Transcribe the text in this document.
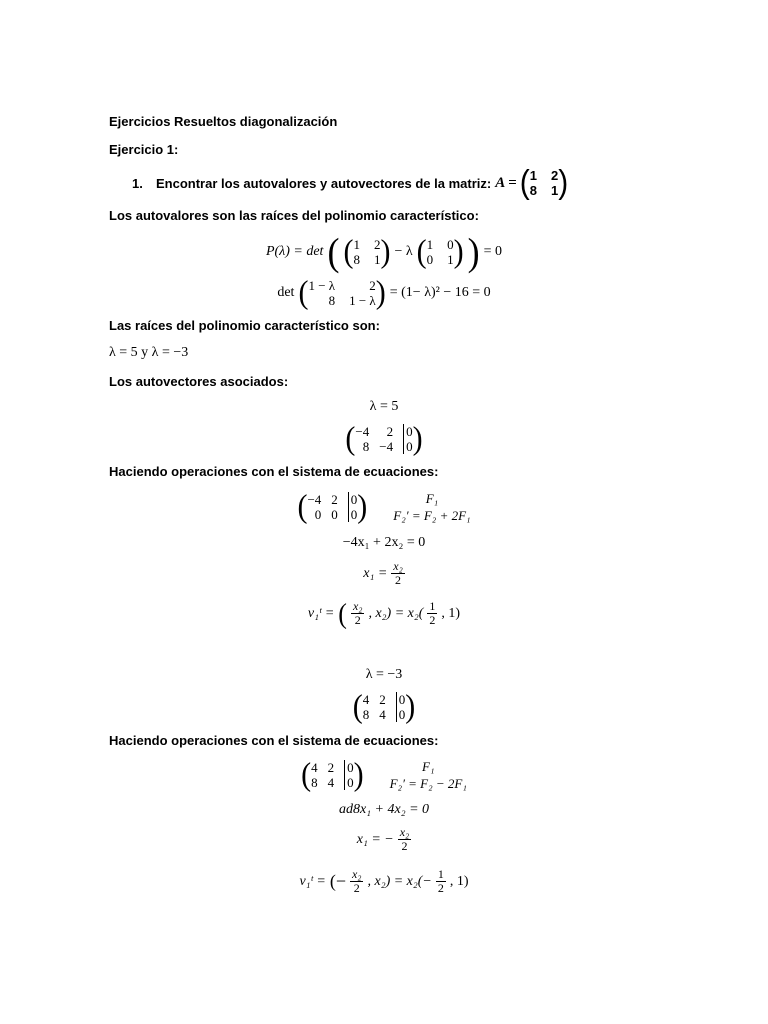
Ejercicios Resueltos diagonalización
Ejercicio 1:
1.	Encontrar los autovalores y autovectores de la matriz: A = ( 1 2
8 1 )
Los autovalores son las raíces del polinomio característico:
P(λ) = det ( ( 1 2
8 1 ) − λ ( 1 0
0 1 ) ) = 0
det ( 1 − λ	2
8 1 − λ ) = (1− λ)² − 16 = 0
Las raíces del polinomio característico son:
λ = 5 y λ = −3
Los autovectores asociados:
λ = 5
( −4	2 0
8 −4 0 )
Haciendo operaciones con el sistema de ecuaciones:
( −4 2 0
0 0 0 )	F₁
F₂′ = F₂ + 2F₁
−4x₁ + 2x₂ = 0
$x_1 = \frac{\text{x₂}}{2}$
v₁ᵗ = ( $\frac{\text{x₂}}{2}$ , $x_2) = x_2( \frac{1}{2}$ , 1)
λ = −3
( 4 2 0
8 4 0 )
Haciendo operaciones con el sistema de ecuaciones:
( 4 2 0
8 4 0 )	F₁
F₂′ = F₂ − 2F₁
ad8x₁ + 4x₂ = 0
x₁ = − $\frac{\text{x₂}}{2}$
v₁ᵗ = (− $\frac{\text{x₂}}{2}$ , $x_2) = x_2(- \frac{1}{2}$ , 1)
